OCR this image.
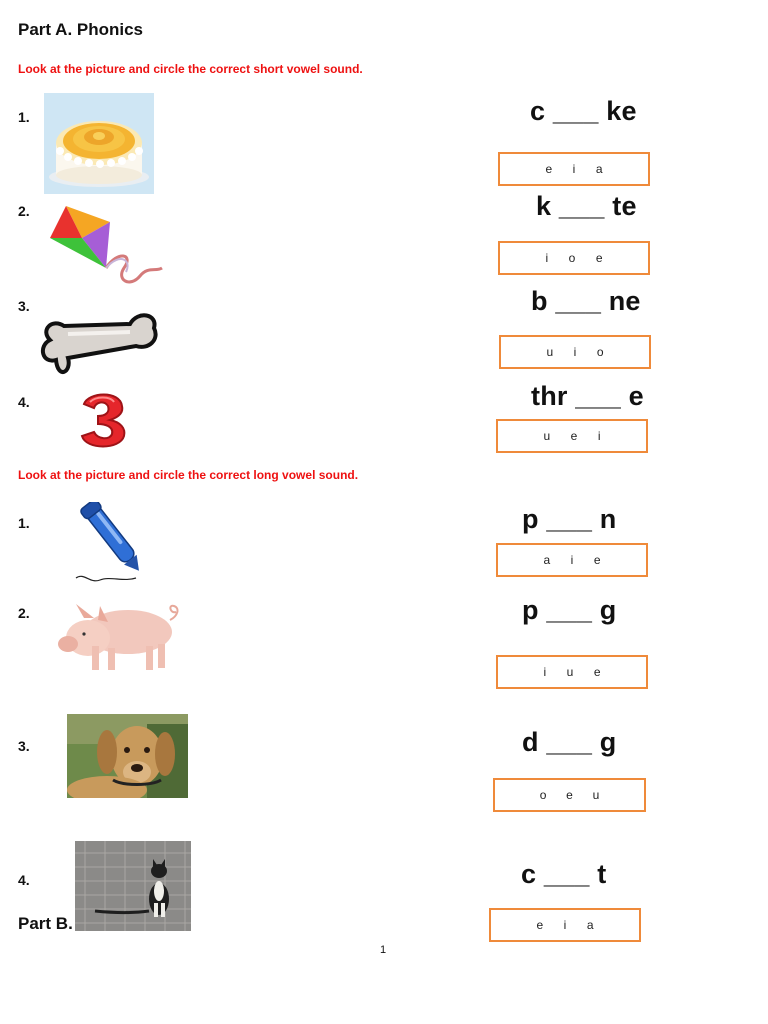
Part A. Phonics
Look at the picture and circle the correct short vowel sound.
1.	c ___ ke
e i a
2.	k ___ te
i o e
3.	b ___ ne
u i o
4.	thr ___ e
u e i
Look at the picture and circle the correct long vowel sound.
1.	p ___ n
a i e
2.	p ___ g
i u e
3.	d ___ g
o e u
4.	c ___ t
e i a
Part B.
1
